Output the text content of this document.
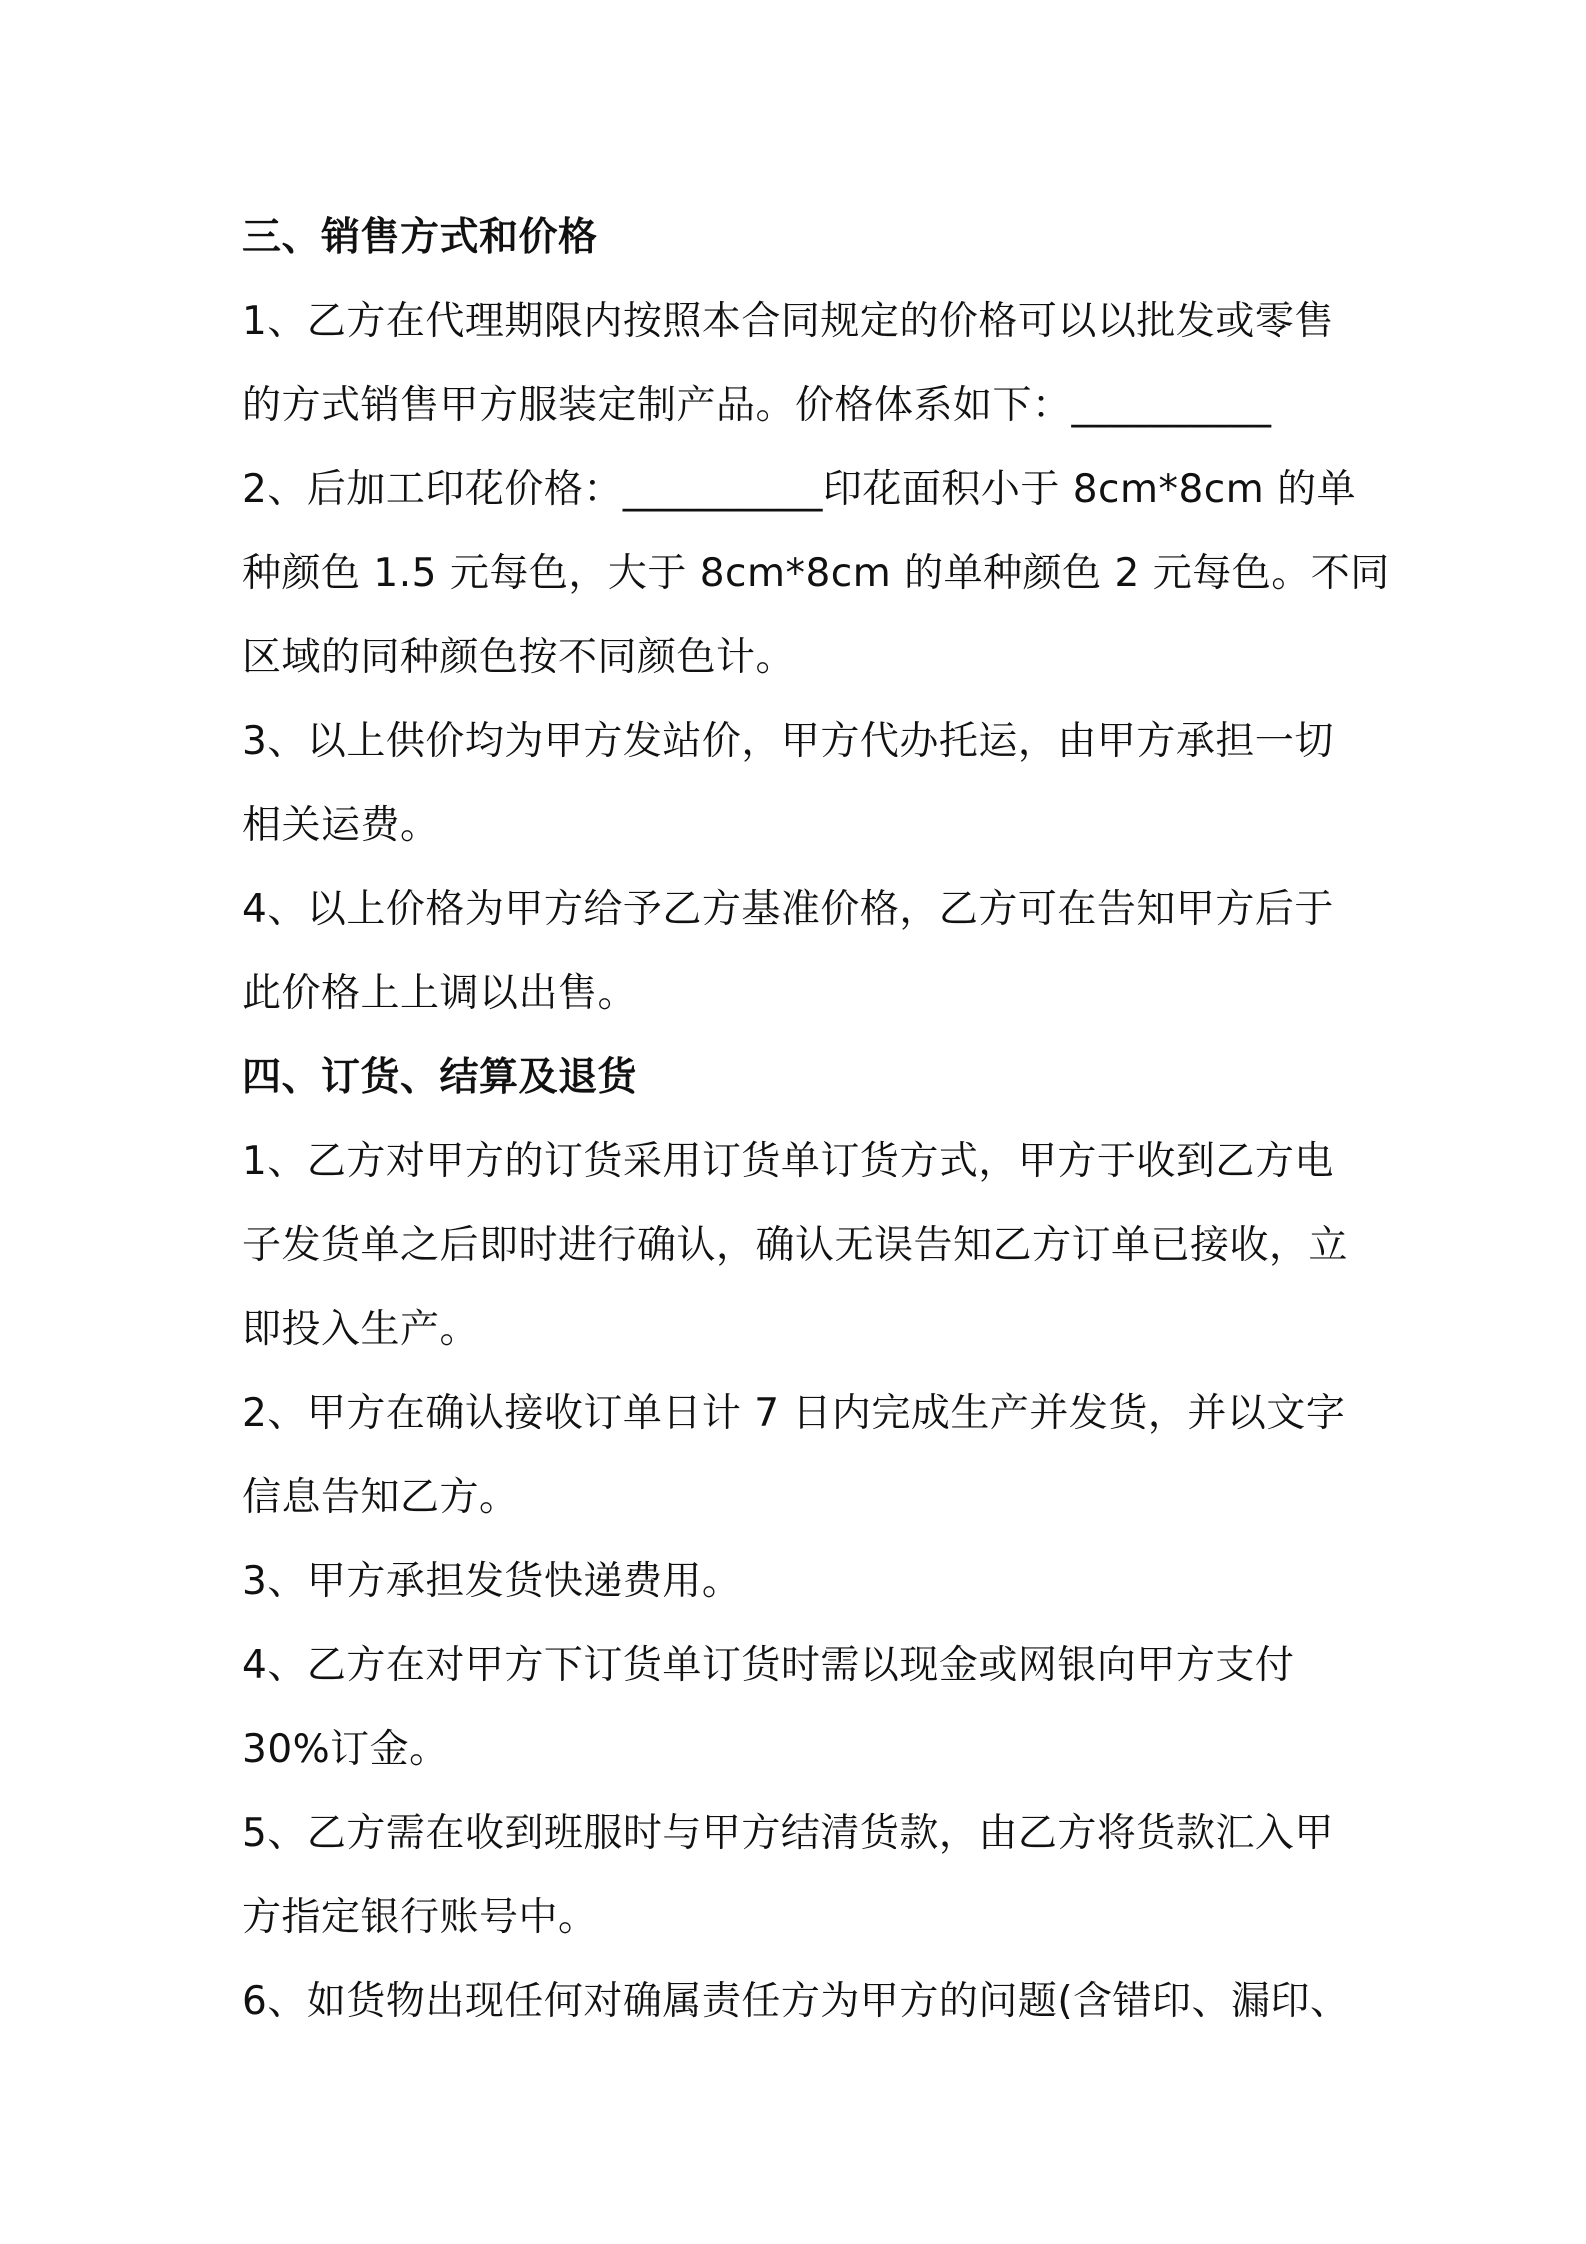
三、销售方式和价格
1、乙方在代理期限内按照本合同规定的价格可以以批发或零售
的方式销售甲方服装定制产品。价格体系如下：__________
2、后加工印花价格：__________印花面积小于 8cm*8cm 的单
种颜色 1.5 元每色，大于 8cm*8cm 的单种颜色 2 元每色。不同
区域的同种颜色按不同颜色计。
3、以上供价均为甲方发站价，甲方代办托运，由甲方承担一切
相关运费。
4、以上价格为甲方给予乙方基准价格，乙方可在告知甲方后于
此价格上上调以出售。
四、订货、结算及退货
1、乙方对甲方的订货采用订货单订货方式，甲方于收到乙方电
子发货单之后即时进行确认，确认无误告知乙方订单已接收，立
即投入生产。
2、甲方在确认接收订单日计 7 日内完成生产并发货，并以文字
信息告知乙方。
3、甲方承担发货快递费用。
4、乙方在对甲方下订货单订货时需以现金或网银向甲方支付
30%订金。
5、乙方需在收到班服时与甲方结清货款，由乙方将货款汇入甲
方指定银行账号中。
6、如货物出现任何对确属责任方为甲方的问题(含错印、漏印、
